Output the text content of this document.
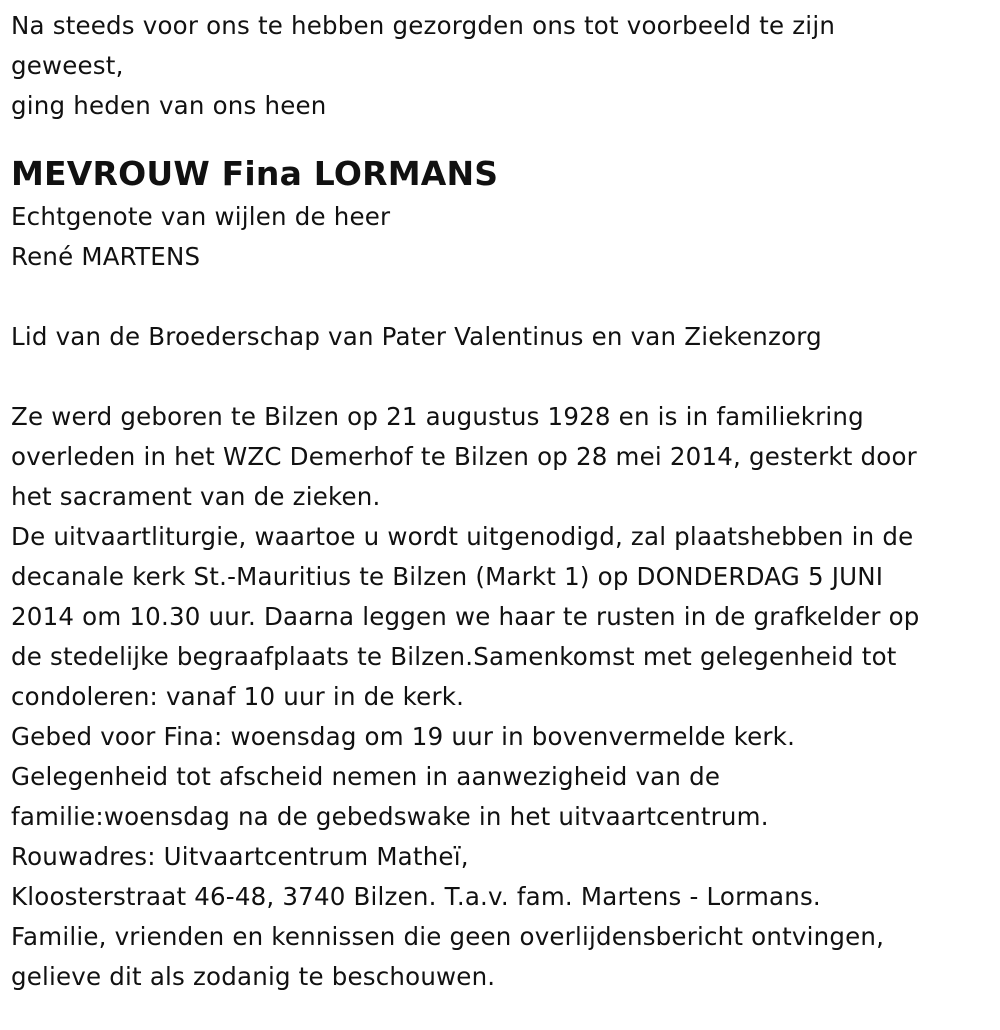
Na steeds voor ons te hebben gezorgden ons tot voorbeeld te zijn
geweest,
ging heden van ons heen
MEVROUW Fina LORMANS
Echtgenote van wijlen de heer
René MARTENS
Lid van de Broederschap van Pater Valentinus en van Ziekenzorg
Ze werd geboren te Bilzen op 21 augustus 1928 en is in familiekring
overleden in het WZC Demerhof te Bilzen op 28 mei 2014, gesterkt door
het sacrament van de zieken.
De uitvaartliturgie, waartoe u wordt uitgenodigd, zal plaatshebben in de
decanale kerk St.-Mauritius te Bilzen (Markt 1) op DONDERDAG 5 JUNI
2014 om 10.30 uur. Daarna leggen we haar te rusten in de grafkelder op
de stedelijke begraafplaats te Bilzen.Samenkomst met gelegenheid tot
condoleren: vanaf 10 uur in de kerk.
Gebed voor Fina: woensdag om 19 uur in bovenvermelde kerk.
Gelegenheid tot afscheid nemen in aanwezigheid van de
familie:woensdag na de gebedswake in het uitvaartcentrum.
Rouwadres: Uitvaartcentrum Matheï,
Kloosterstraat 46-48, 3740 Bilzen. T.a.v. fam. Martens - Lormans.
Familie, vrienden en kennissen die geen overlijdensbericht ontvingen,
gelieve dit als zodanig te beschouwen.
